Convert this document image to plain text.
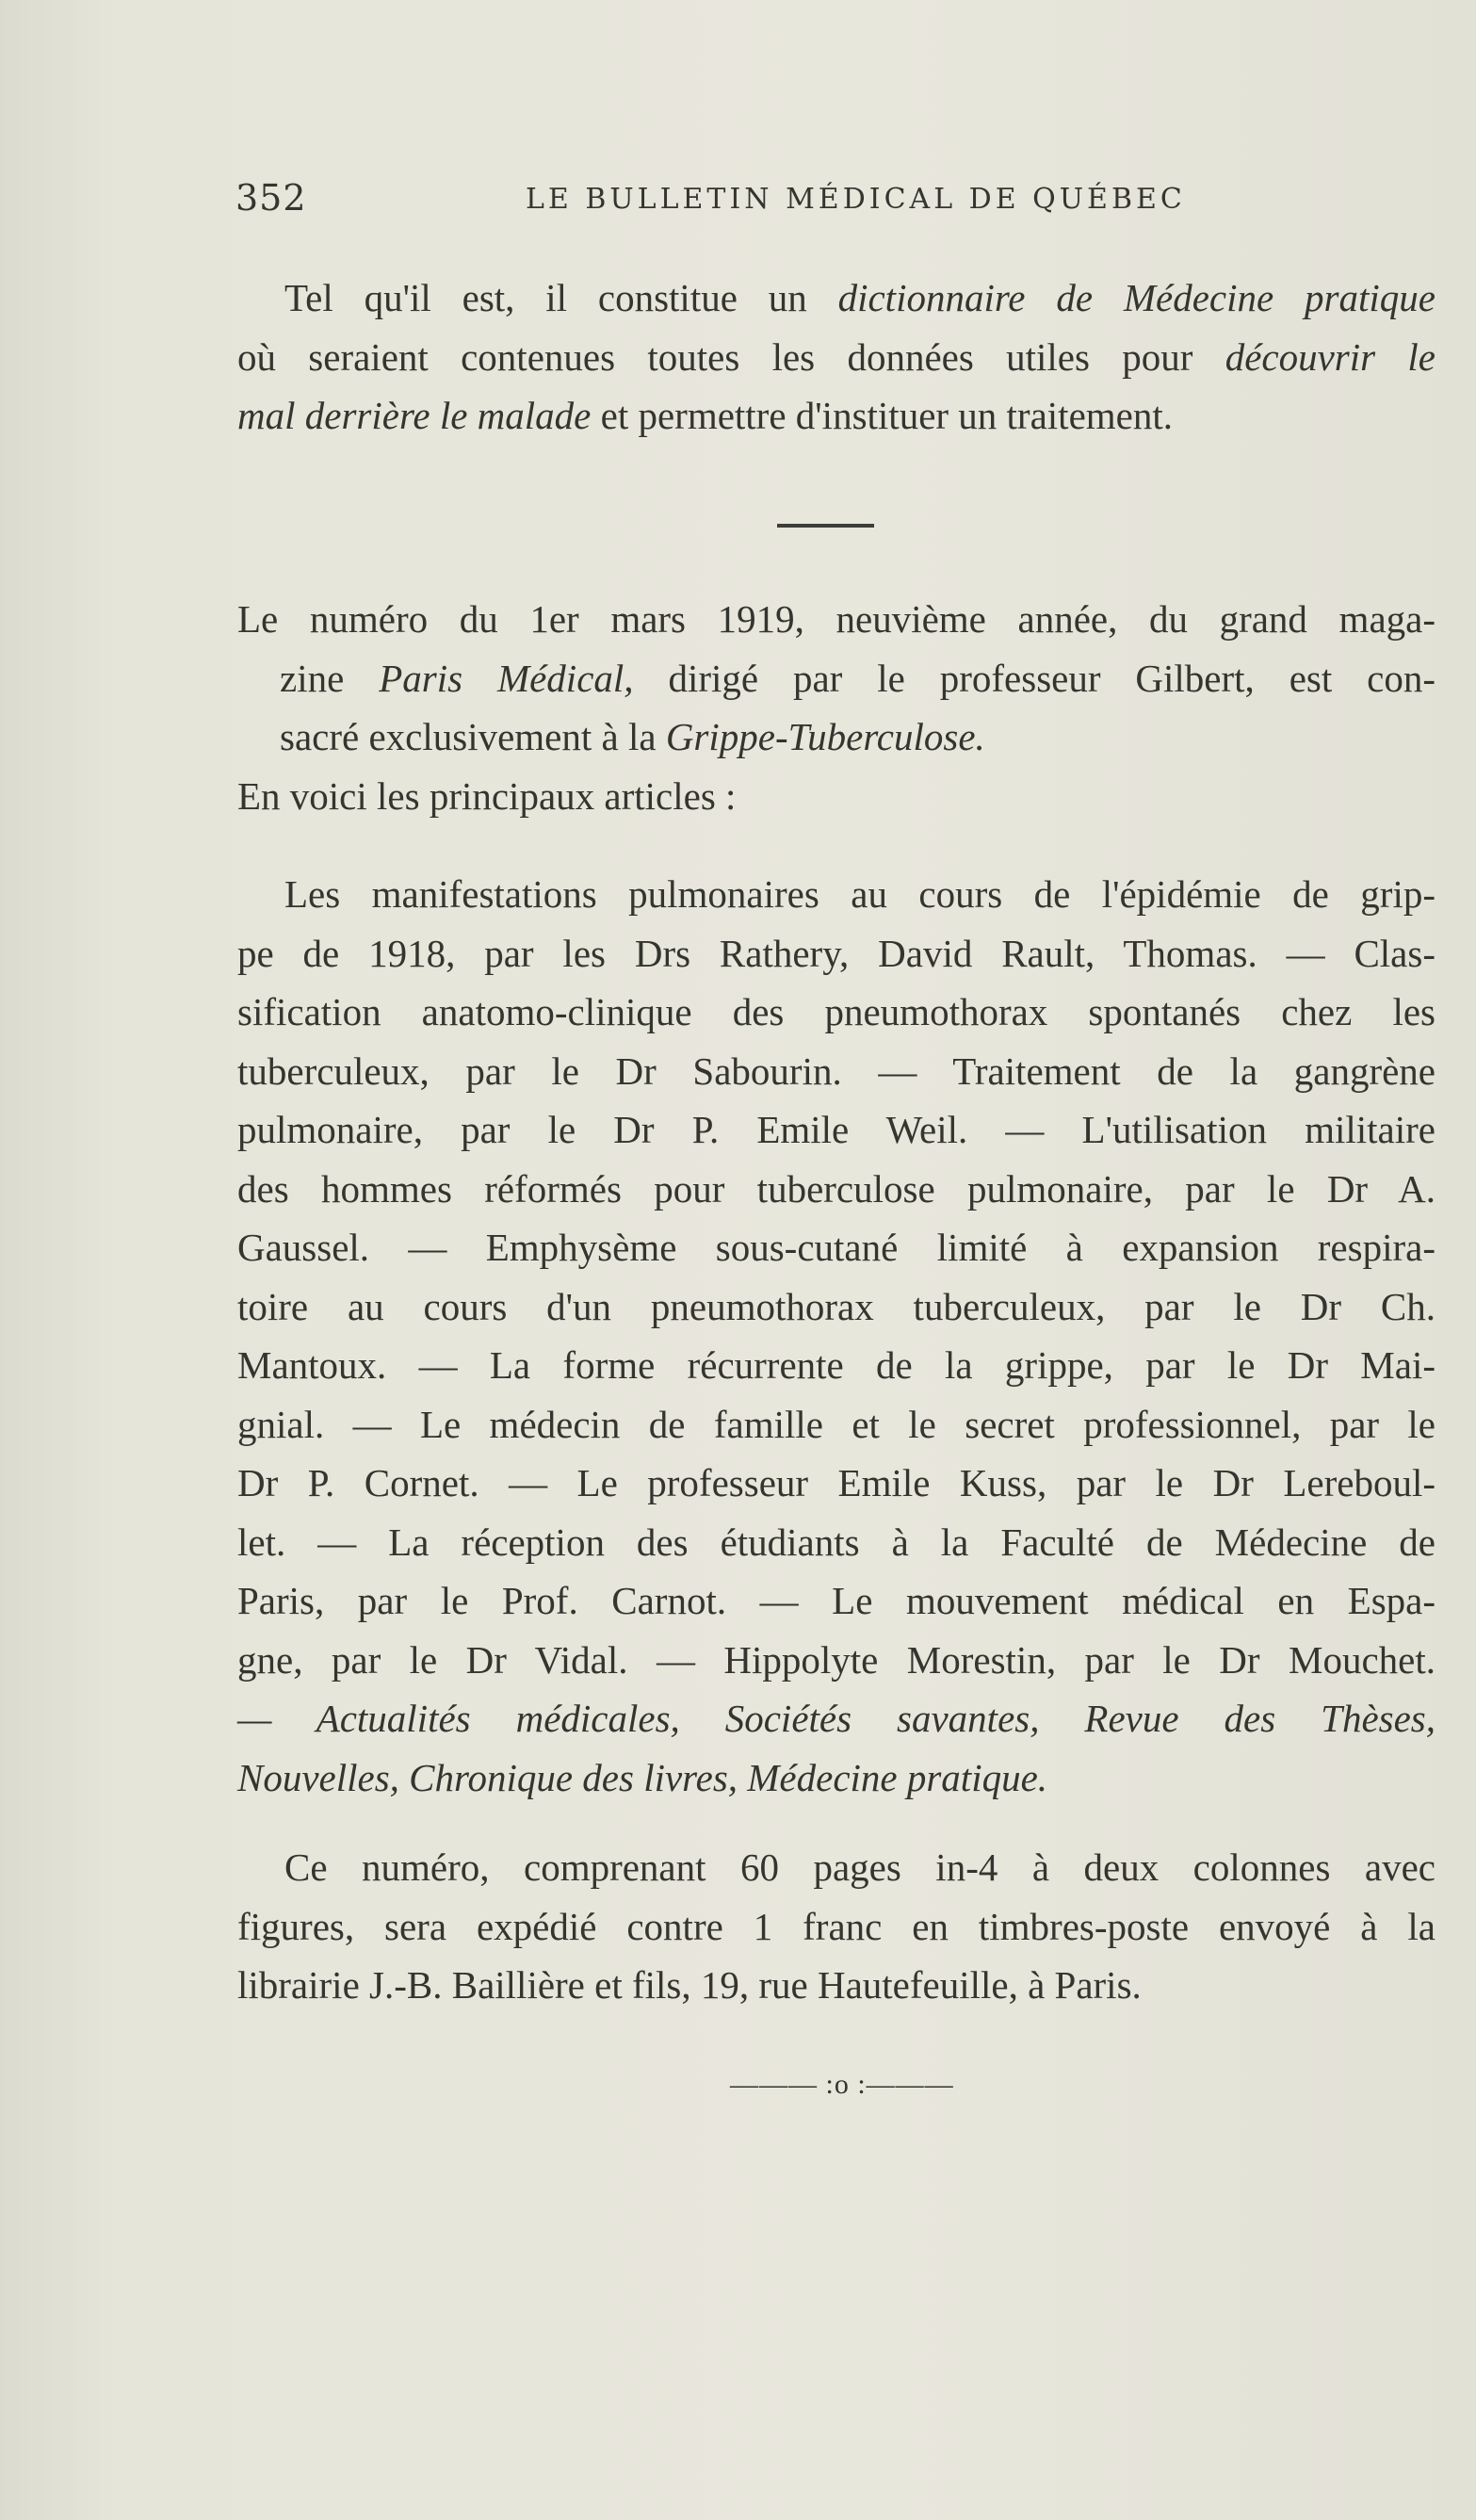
352	LE BULLETIN MÉDICAL DE QUÉBEC
Tel qu'il est, il constitue un dictionnaire de Médecine pratique
où seraient contenues toutes les données utiles pour découvrir le
mal derrière le malade et permettre d'instituer un traitement.
Le numéro du 1er mars 1919, neuvième année, du grand maga-
zine Paris Médical, dirigé par le professeur Gilbert, est con-
sacré exclusivement à la Grippe-Tuberculose.
En voici les principaux articles :
Les manifestations pulmonaires au cours de l'épidémie de grip-
pe de 1918, par les Drs Rathery, David Rault, Thomas. — Clas-
sification anatomo-clinique des pneumothorax spontanés chez les
tuberculeux, par le Dr Sabourin. — Traitement de la gangrène
pulmonaire, par le Dr P. Emile Weil. — L'utilisation militaire
des hommes réformés pour tuberculose pulmonaire, par le Dr A.
Gaussel. — Emphysème sous-cutané limité à expansion respira-
toire au cours d'un pneumothorax tuberculeux, par le Dr Ch.
Mantoux. — La forme récurrente de la grippe, par le Dr Mai-
gnial. — Le médecin de famille et le secret professionnel, par le
Dr P. Cornet. — Le professeur Emile Kuss, par le Dr Lereboul-
let. — La réception des étudiants à la Faculté de Médecine de
Paris, par le Prof. Carnot. — Le mouvement médical en Espa-
gne, par le Dr Vidal. — Hippolyte Morestin, par le Dr Mouchet.
— Actualités médicales, Sociétés savantes, Revue des Thèses,
Nouvelles, Chronique des livres, Médecine pratique.
Ce numéro, comprenant 60 pages in-4 à deux colonnes avec
figures, sera expédié contre 1 franc en timbres-poste envoyé à la
librairie J.-B. Baillière et fils, 19, rue Hautefeuille, à Paris.
——— :o :———
